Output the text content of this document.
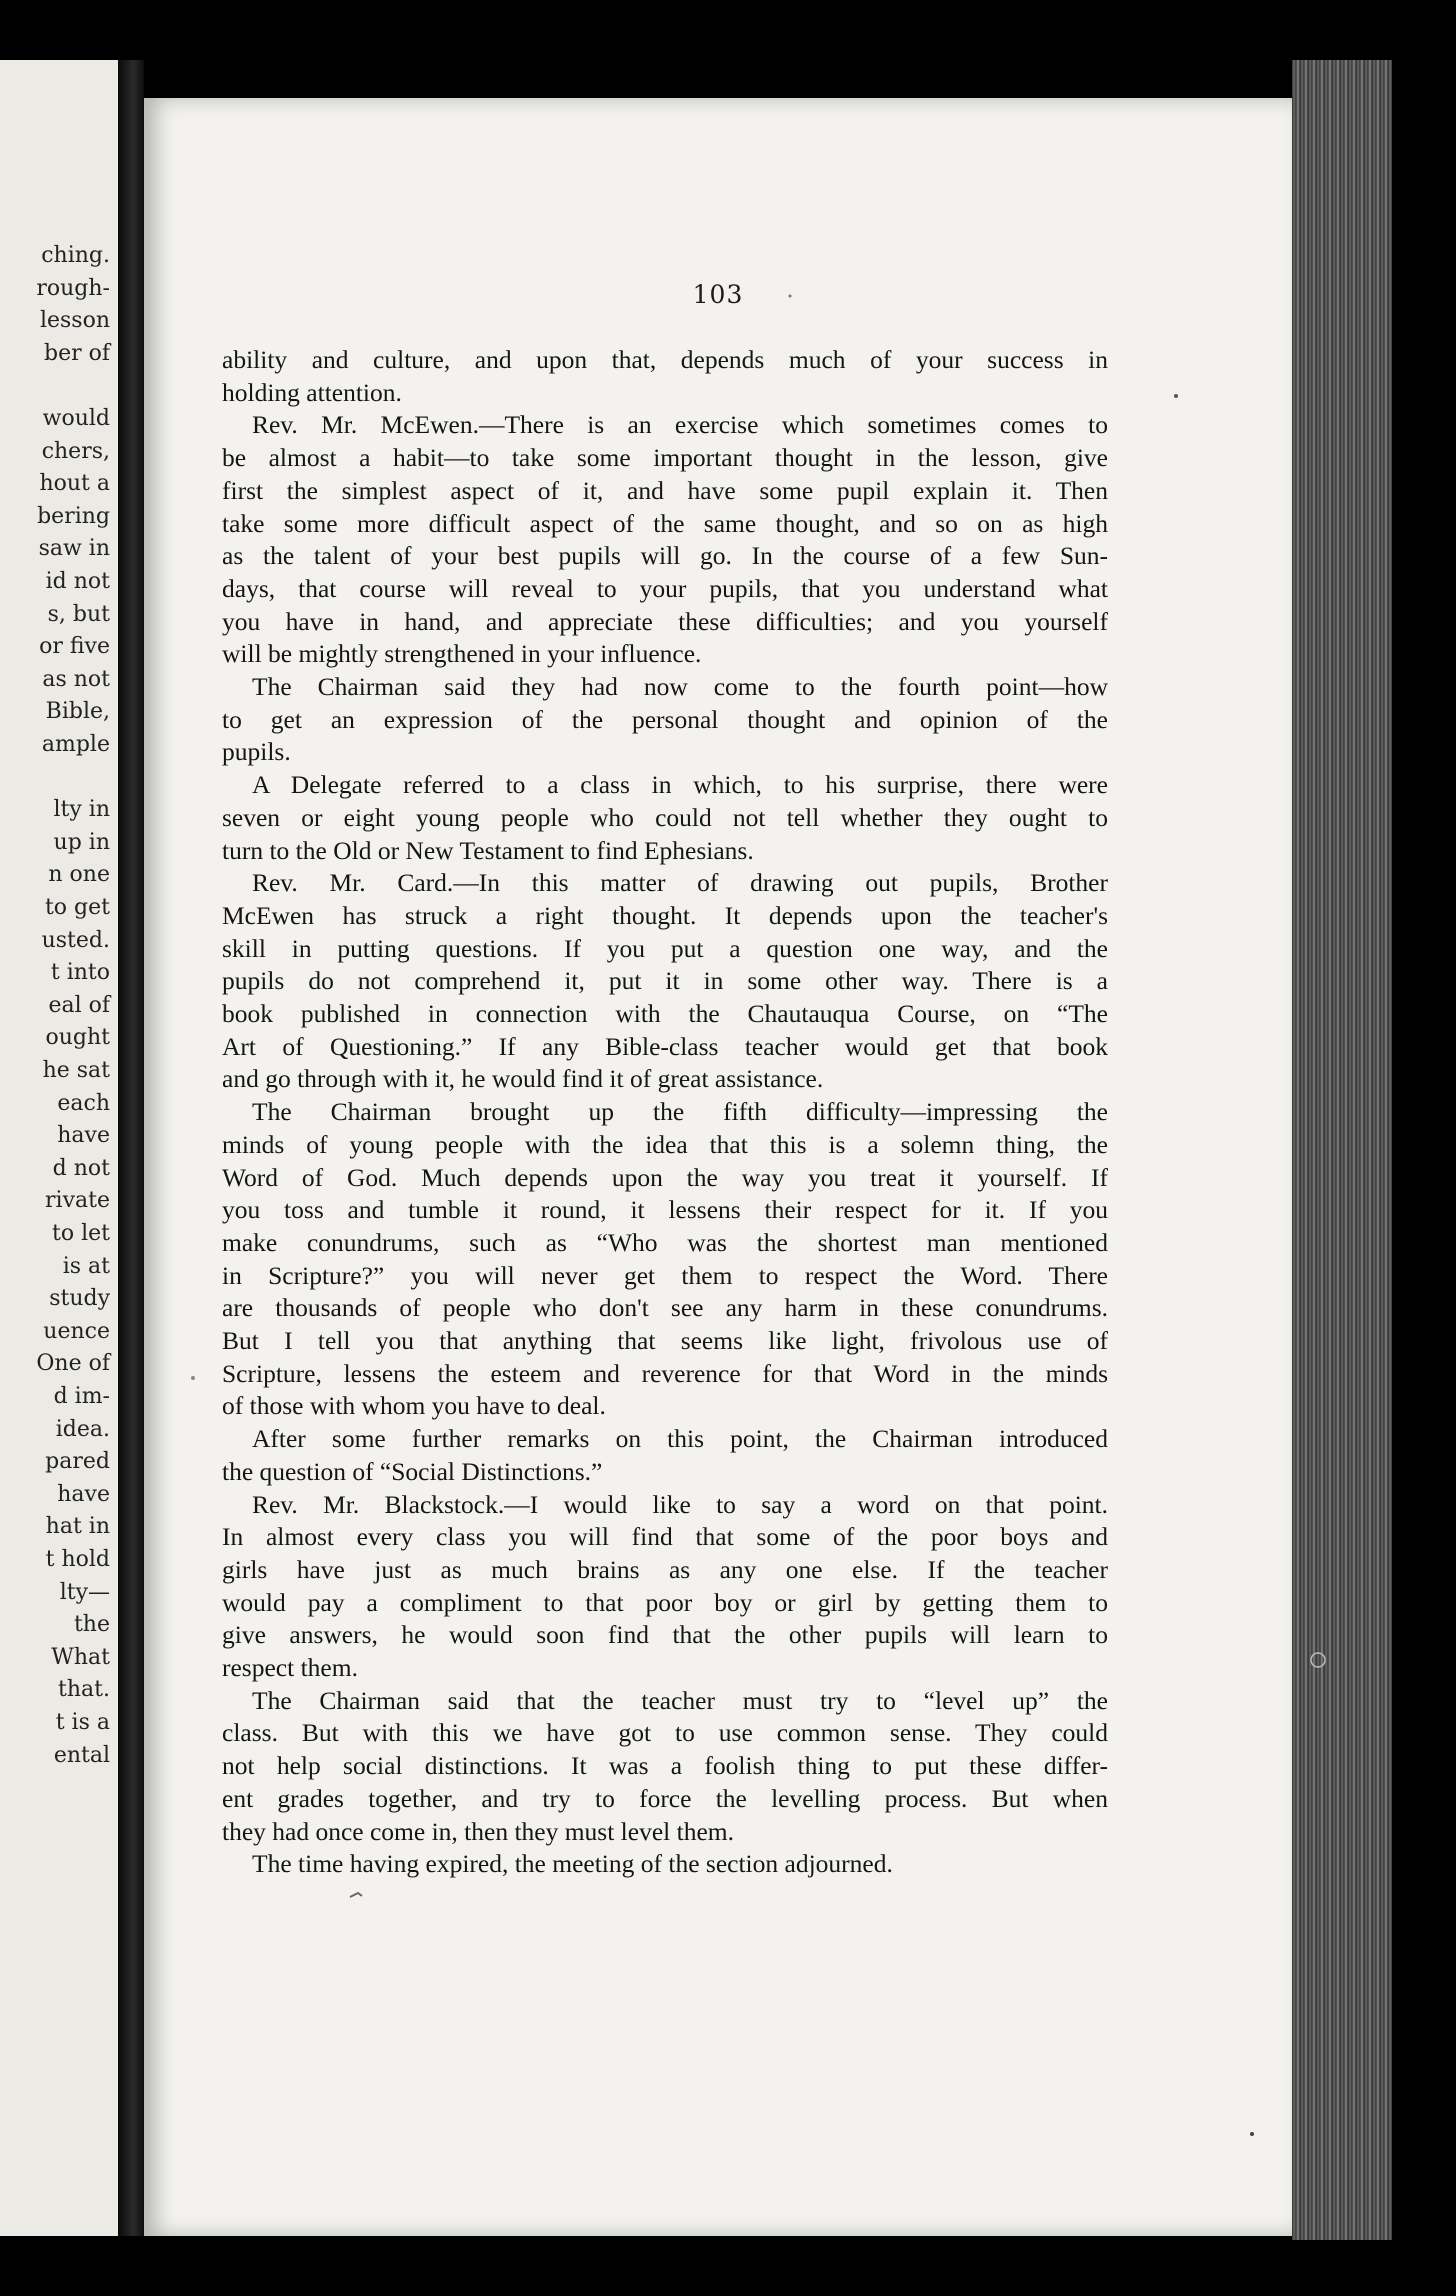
ching.
rough-
lesson
ber of
would
chers,
hout a
bering
saw in
id not
s, but
or five
as not
Bible,
ample
lty in
up in
n one
to get
usted.
t into
eal of
ought
he sat
each
have
d not
rivate
to let
is at
study
uence
One of
d im-
idea.
pared
have
hat in
t hold
lty—
the
What
that.
t is a
ental
103
ability and culture, and upon that, depends much of your success in
holding attention.
Rev. Mr. McEwen.—There is an exercise which sometimes comes to
be almost a habit—to take some important thought in the lesson, give
first the simplest aspect of it, and have some pupil explain it. Then
take some more difficult aspect of the same thought, and so on as high
as the talent of your best pupils will go. In the course of a few Sun-
days, that course will reveal to your pupils, that you understand what
you have in hand, and appreciate these difficulties; and you yourself
will be mightly strengthened in your influence.
The Chairman said they had now come to the fourth point—how
to get an expression of the personal thought and opinion of the
pupils.
A Delegate referred to a class in which, to his surprise, there were
seven or eight young people who could not tell whether they ought to
turn to the Old or New Testament to find Ephesians.
Rev. Mr. Card.—In this matter of drawing out pupils, Brother
McEwen has struck a right thought. It depends upon the teacher's
skill in putting questions. If you put a question one way, and the
pupils do not comprehend it, put it in some other way. There is a
book published in connection with the Chautauqua Course, on “The
Art of Questioning.” If any Bible-class teacher would get that book
and go through with it, he would find it of great assistance.
The Chairman brought up the fifth difficulty—impressing the
minds of young people with the idea that this is a solemn thing, the
Word of God. Much depends upon the way you treat it yourself. If
you toss and tumble it round, it lessens their respect for it. If you
make conundrums, such as “Who was the shortest man mentioned
in Scripture?” you will never get them to respect the Word. There
are thousands of people who don't see any harm in these conundrums.
But I tell you that anything that seems like light, frivolous use of
Scripture, lessens the esteem and reverence for that Word in the minds
of those with whom you have to deal.
After some further remarks on this point, the Chairman introduced
the question of “Social Distinctions.”
Rev. Mr. Blackstock.—I would like to say a word on that point.
In almost every class you will find that some of the poor boys and
girls have just as much brains as any one else. If the teacher
would pay a compliment to that poor boy or girl by getting them to
give answers, he would soon find that the other pupils will learn to
respect them.
The Chairman said that the teacher must try to “level up” the
class. But with this we have got to use common sense. They could
not help social distinctions. It was a foolish thing to put these differ-
ent grades together, and try to force the levelling process. But when
they had once come in, then they must level them.
The time having expired, the meeting of the section adjourned.
